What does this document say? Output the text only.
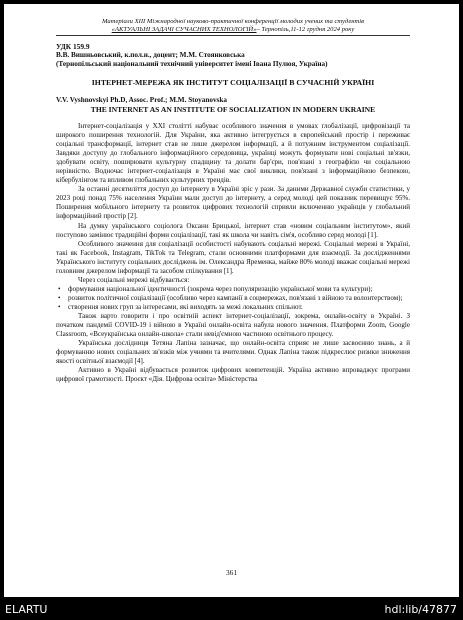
Матеріали XIII Міжнародної науково-практичної конференції молодих учених та студентів
«АКТУАЛЬНІ ЗАДАЧІ СУЧАСНИХ ТЕХНОЛОГІЙ» – Тернопіль,11-12 грудня 2024 року
УДК 159.9
В.В. Вишньовський, к.пол.н., доцент; М.М. Стоянковська
(Тернопільський національний технічний університет імені Івана Пулюя, Україна)
ІНТЕРНЕТ-МЕРЕЖА ЯК ІНСТИТУТ СОЦІАЛІЗАЦІЇ В СУЧАСНІЙ УКРАЇНІ
V.V. Vyshnovskyi Ph.D, Assoc. Prof.; M.M. Stoyanovska
THE INTERNET AS AN INSTITUTE OF SOCIALIZATION IN MODERN UKRAINE

Інтернет-соціалізація у XXI столітті набуває особливого значення в умовах глобалізації, цифровізації та широкого поширення технологій. Для України, яка активно інтегрується в європейський простір і переживає соціальні трансформації, інтернет став не лише джерелом інформації, а й потужним інструментом соціалізації. Завдяки доступу до глобального інформаційного середовища, українці можуть формувати нові соціальні зв'язки, здобувати освіту, поширювати культурну спадщину та долати бар'єри, пов'язані з географією чи соціальною нерівністю. Водночас інтернет-соціалізація в Україні має свої виклики, пов'язані з інформаційною безпекою, кібербулінгом та впливом глобальних культурних трендів.

За останні десятиліття доступ до інтернету в Україні зріс у рази. За даними Державної служби статистики, у 2023 році понад 75% населення України мали доступ до інтернету, а серед молоді цей показник перевищує 95%. Поширення мобільного інтернету та розвиток цифрових технологій сприяли включенню українців у глобальний інформаційний простір [2].

На думку українського соціолога Оксани Брицької, інтернет став «новим соціальним інститутом», який поступово замінює традиційні форми соціалізації, такі як школа чи навіть сім'я, особливо серед молоді [1].

Особливого значення для соціалізації особистості набувають соціальні мережі. Соціальні мережі в Україні, такі як Facebook, Instagram, TikTok та Telegram, стали основними платформами для взаємодії. За дослідженнями Українського інституту соціальних досліджень ім. Олександра Яременка, майже 80% молоді вважає соціальні мережі головним джерелом інформації та засобом спілкування [1].

Через соціальні мережі відбувається:

• формування національної ідентичності (зокрема через популяризацію української мови та культури);
• розвиток політичної соціалізації (особливо через кампанії в соцмережах, пов'язані з війною та волонтерством);
• створення нових груп за інтересами, які виходять за межі локальних спільнот.

Також варто говорити і про освітній аспект інтернет-соціалізації, зокрема, онлайн-освіту в Україні. З початком пандемії COVID-19 і війною в Україні онлайн-освіта набула нового значення. Платформи Zoom, Google Classroom, «Всеукраїнська онлайн-школа» стали невід'ємною частиною освітнього процесу.

Українська дослідниця Тетяна Лапіна зазначає, що онлайн-освіта сприяє не лише засвоєнню знань, а й формуванню нових соціальних зв'язків між учнями та вчителями. Однак Лапіна також підкреслює ризики зниження якості освітньої взаємодії [4].

Активно в Україні відбувається розвиток цифрових компетенцій. Україна активно впроваджує програми цифрової грамотності. Проєкт «Дія. Цифрова освіта» Міністерства

361
ELARTU	hdl:lib/47877
